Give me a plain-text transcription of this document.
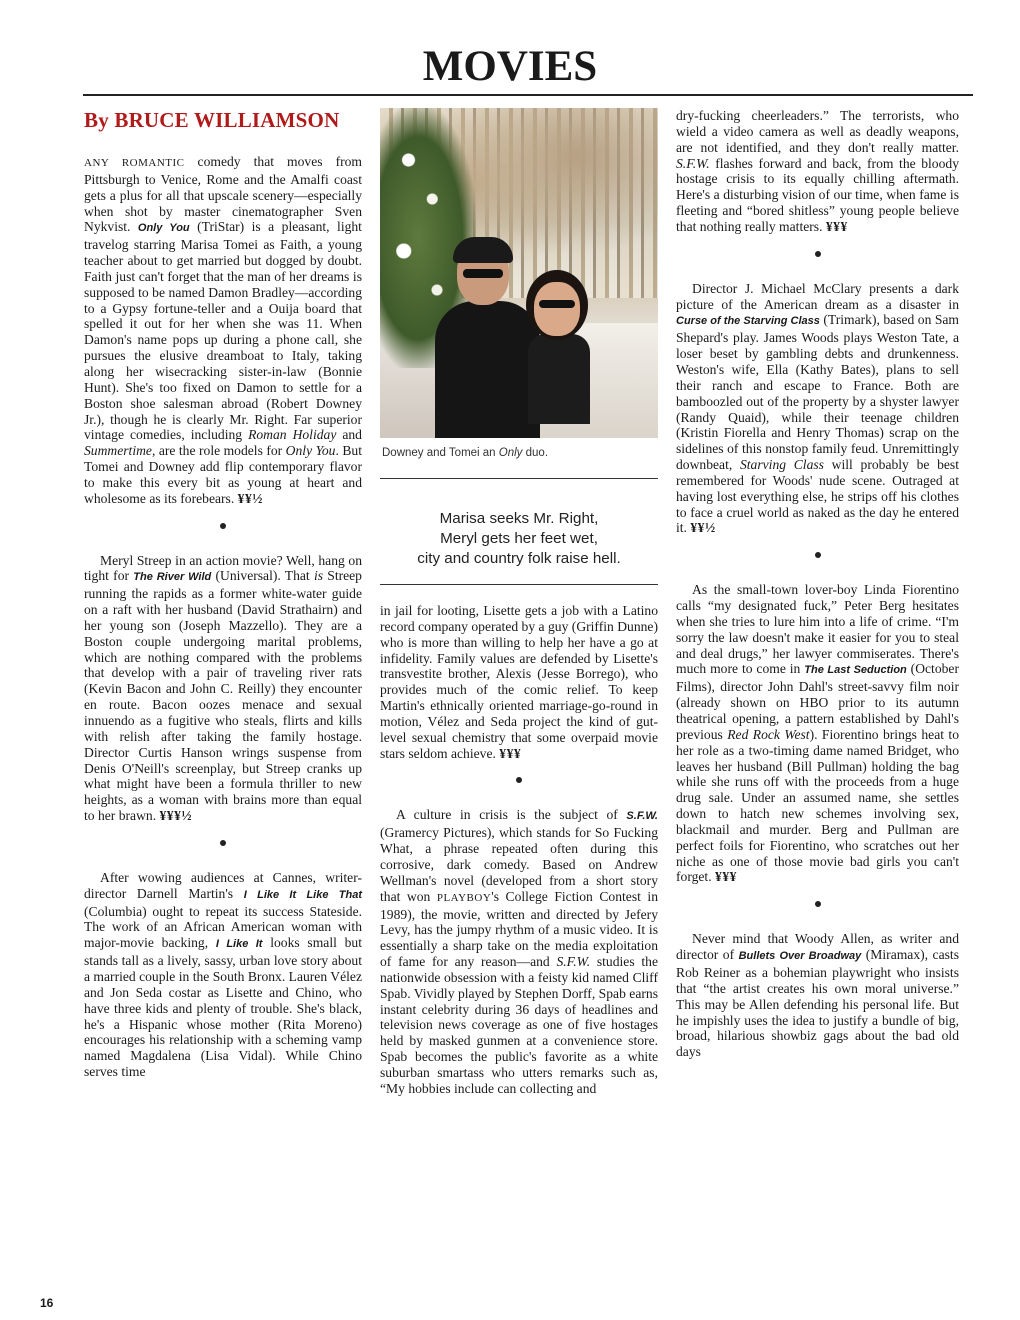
MOVIES
By BRUCE WILLIAMSON

ANY ROMANTIC comedy that moves from Pittsburgh to Venice, Rome and the Amalfi coast gets a plus for all that upscale scenery—especially when shot by master cinematographer Sven Nykvist. Only You (TriStar) is a pleasant, light travelog starring Marisa Tomei as Faith, a young teacher about to get married but dogged by doubt. Faith just can't forget that the man of her dreams is supposed to be named Damon Bradley—according to a Gypsy fortune-teller and a Ouija board that spelled it out for her when she was 11. When Damon's name pops up during a phone call, she pursues the elusive dreamboat to Italy, taking along her wisecracking sister-in-law (Bonnie Hunt). She's too fixed on Damon to settle for a Boston shoe salesman abroad (Robert Downey Jr.), though he is clearly Mr. Right. Far superior vintage comedies, including Roman Holiday and Summertime, are the role models for Only You. But Tomei and Downey add flip contemporary flavor to make this every bit as young at heart and wholesome as its forebears. ¥¥½

Meryl Streep in an action movie? Well, hang on tight for The River Wild (Universal). That is Streep running the rapids as a former white-water guide on a raft with her husband (David Strathairn) and her young son (Joseph Mazzello). They are a Boston couple undergoing marital problems, which are nothing compared with the problems that develop with a pair of traveling river rats (Kevin Bacon and John C. Reilly) they encounter en route. Bacon oozes menace and sexual innuendo as a fugitive who steals, flirts and kills with relish after taking the family hostage. Director Curtis Hanson wrings suspense from Denis O'Neill's screenplay, but Streep cranks up what might have been a formula thriller to new heights, as a woman with brains more than equal to her brawn. ¥¥¥½

After wowing audiences at Cannes, writer-director Darnell Martin's I Like It Like That (Columbia) ought to repeat its success Stateside. The work of an African American woman with major-movie backing, I Like It looks small but stands tall as a lively, sassy, urban love story about a married couple in the South Bronx. Lauren Vélez and Jon Seda costar as Lisette and Chino, who have three kids and plenty of trouble. She's black, he's a Hispanic whose mother (Rita Moreno) encourages his relationship with a scheming vamp named Magdalena (Lisa Vidal). While Chino serves time

Downey and Tomei an Only duo.
Marisa seeks Mr. Right,
Meryl gets her feet wet,
city and country folk raise hell.

in jail for looting, Lisette gets a job with a Latino record company operated by a guy (Griffin Dunne) who is more than willing to help her have a go at infidelity. Family values are defended by Lisette's transvestite brother, Alexis (Jesse Borrego), who provides much of the comic relief. To keep Martin's ethnically oriented marriage-go-round in motion, Vélez and Seda project the kind of gut-level sexual chemistry that some overpaid movie stars seldom achieve. ¥¥¥

A culture in crisis is the subject of S.F.W. (Gramercy Pictures), which stands for So Fucking What, a phrase repeated often during this corrosive, dark comedy. Based on Andrew Wellman's novel (developed from a short story that won PLAYBOY's College Fiction Contest in 1989), the movie, written and directed by Jefery Levy, has the jumpy rhythm of a music video. It is essentially a sharp take on the media exploitation of fame for any reason—and S.F.W. studies the nationwide obsession with a feisty kid named Cliff Spab. Vividly played by Stephen Dorff, Spab earns instant celebrity during 36 days of headlines and television news coverage as one of five hostages held by masked gunmen at a convenience store. Spab becomes the public's favorite as a white suburban smartass who utters remarks such as, “My hobbies include can collecting and

dry-fucking cheerleaders.” The terrorists, who wield a video camera as well as deadly weapons, are not identified, and they don't really matter. S.F.W. flashes forward and back, from the bloody hostage crisis to its equally chilling aftermath. Here's a disturbing vision of our time, when fame is fleeting and “bored shitless” young people believe that nothing really matters. ¥¥¥

Director J. Michael McClary presents a dark picture of the American dream as a disaster in Curse of the Starving Class (Trimark), based on Sam Shepard's play. James Woods plays Weston Tate, a loser beset by gambling debts and drunkenness. Weston's wife, Ella (Kathy Bates), plans to sell their ranch and escape to France. Both are bamboozled out of the property by a shyster lawyer (Randy Quaid), while their teenage children (Kristin Fiorella and Henry Thomas) scrap on the sidelines of this nonstop family feud. Unremittingly downbeat, Starving Class will probably be best remembered for Woods' nude scene. Outraged at having lost everything else, he strips off his clothes to face a cruel world as naked as the day he entered it. ¥¥½

As the small-town lover-boy Linda Fiorentino calls “my designated fuck,” Peter Berg hesitates when she tries to lure him into a life of crime. “I'm sorry the law doesn't make it easier for you to steal and deal drugs,” her lawyer commiserates. There's much more to come in The Last Seduction (October Films), director John Dahl's street-savvy film noir (already shown on HBO prior to its autumn theatrical opening, a pattern established by Dahl's previous Red Rock West). Fiorentino brings heat to her role as a two-timing dame named Bridget, who leaves her husband (Bill Pullman) holding the bag while she runs off with the proceeds from a huge drug sale. Under an assumed name, she settles down to hatch new schemes involving sex, blackmail and murder. Berg and Pullman are perfect foils for Fiorentino, who scratches out her niche as one of those movie bad girls you can't forget. ¥¥¥

Never mind that Woody Allen, as writer and director of Bullets Over Broadway (Miramax), casts Rob Reiner as a bohemian playwright who insists that “the artist creates his own moral universe.” This may be Allen defending his personal life. But he impishly uses the idea to justify a bundle of big, broad, hilarious showbiz gags about the bad old days

16
